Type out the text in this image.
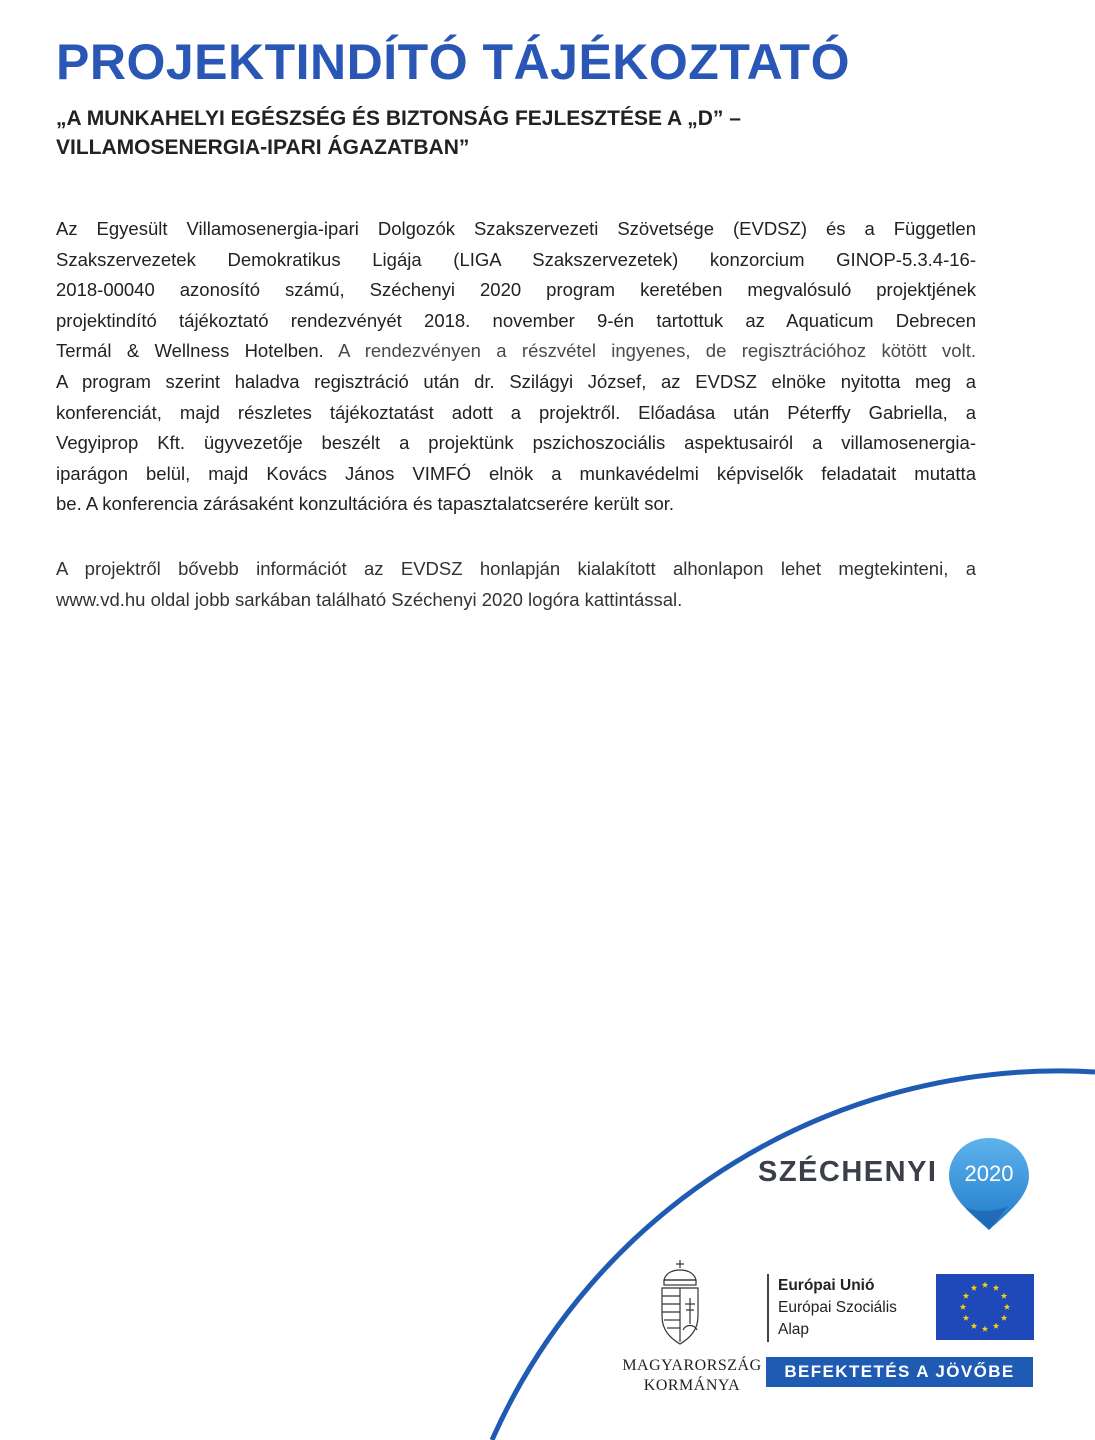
PROJEKTINDÍTÓ TÁJÉKOZTATÓ
„A MUNKAHELYI EGÉSZSÉG ÉS BIZTONSÁG FEJLESZTÉSE A „D” –
VILLAMOSENERGIA-IPARI ÁGAZATBAN”
Az Egyesült Villamosenergia-ipari Dolgozók Szakszervezeti Szövetsége (EVDSZ) és a Független
Szakszervezetek Demokratikus Ligája (LIGA Szakszervezetek) konzorcium GINOP-5.3.4-16-
2018-00040 azonosító számú, Széchenyi 2020 program keretében megvalósuló projektjének
projektindító tájékoztató rendezvényét 2018. november 9-én tartottuk az Aquaticum Debrecen
Termál & Wellness Hotelben. A rendezvényen a részvétel ingyenes, de regisztrációhoz kötött volt.
A program szerint haladva regisztráció után dr. Szilágyi József, az EVDSZ elnöke nyitotta meg a
konferenciát, majd részletes tájékoztatást adott a projektről. Előadása után Péterffy Gabriella, a
Vegyiprop Kft. ügyvezetője beszélt a projektünk pszichoszociális aspektusairól a villamosenergia-
iparágon belül, majd Kovács János VIMFÓ elnök a munkavédelmi képviselők feladatait mutatta
be. A konferencia zárásaként konzultációra és tapasztalatcserére került sor.
A projektről bővebb információt az EVDSZ honlapján kialakított alhonlapon lehet megtekinteni, a
www.vd.hu oldal jobb sarkában található Széchenyi 2020 logóra kattintással.
SZÉCHENYI 2020
MAGYARORSZÁG
KORMÁNYA
Európai Unió
Európai Szociális
Alap
BEFEKTETÉS A JÖVŐBE
